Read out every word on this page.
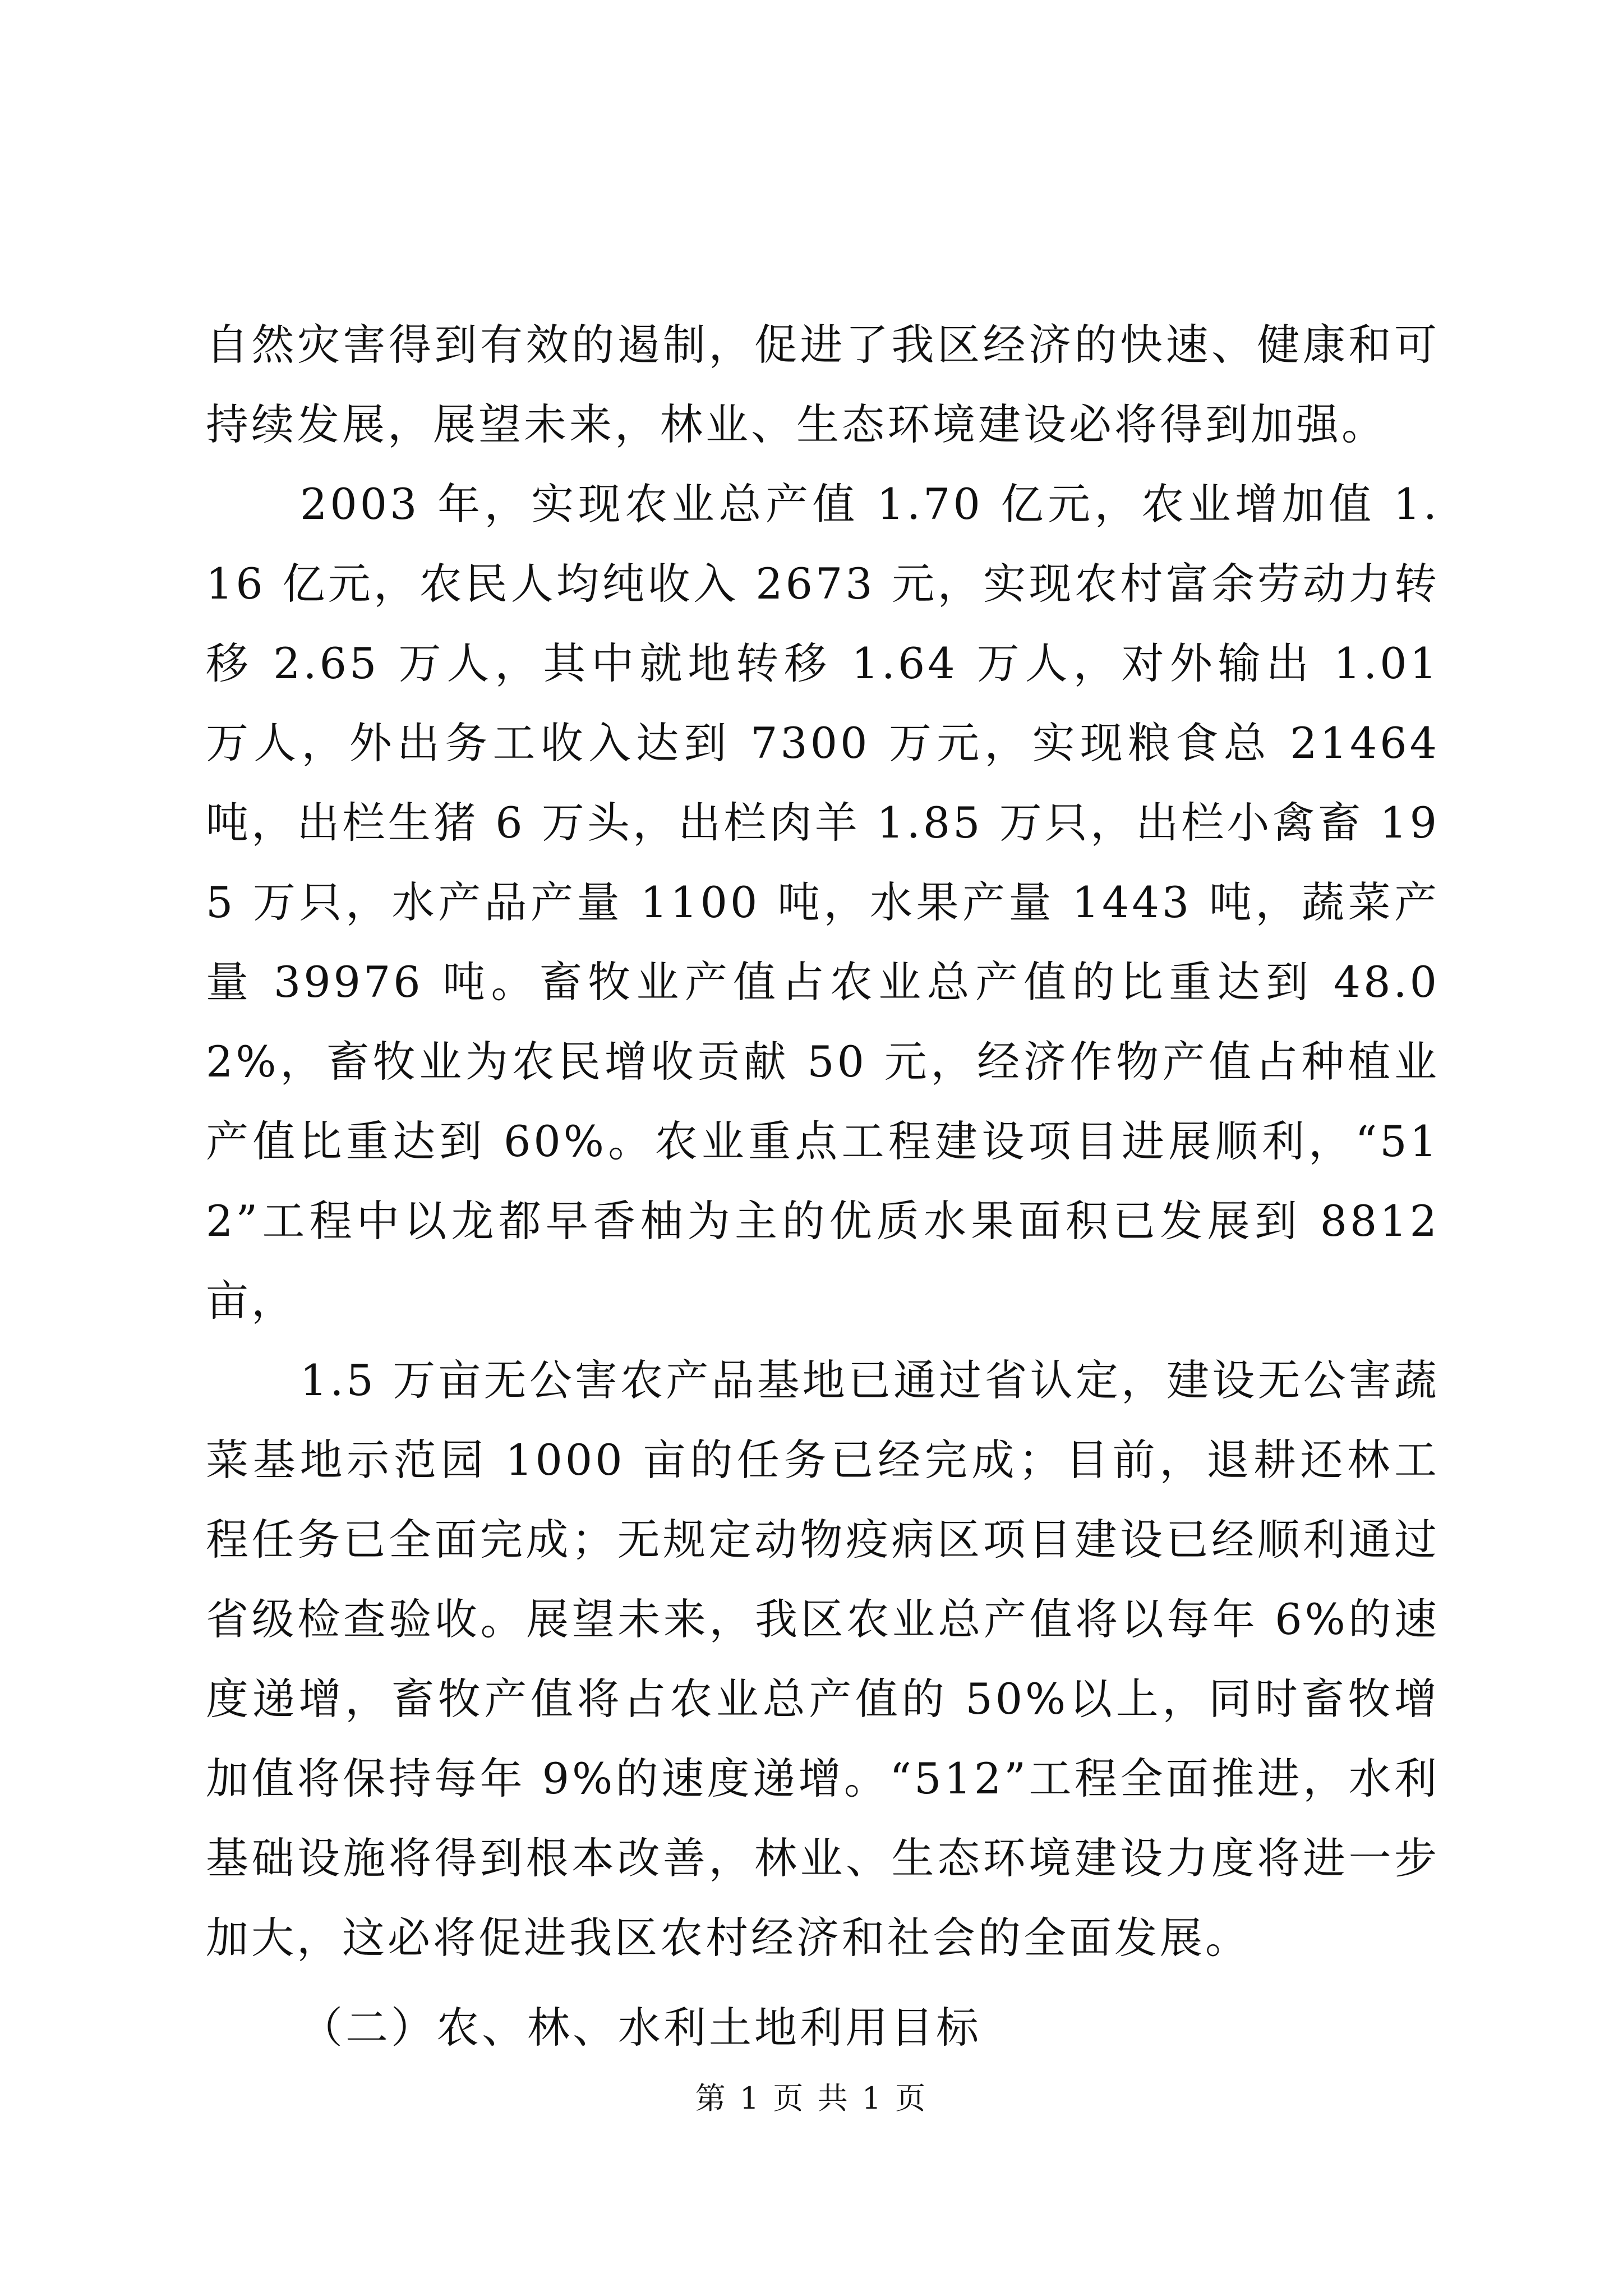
自然灾害得到有效的遏制，促进了我区经济的快速、健康和可持续发展，展望未来，林业、生态环境建设必将得到加强。

2003 年，实现农业总产值 1.70 亿元，农业增加值 1.16 亿元，农民人均纯收入 2673 元，实现农村富余劳动力转移 2.65 万人，其中就地转移 1.64 万人，对外输出 1.01 万人，外出务工收入达到 7300 万元，实现粮食总 21464 吨，出栏生猪 6 万头，出栏肉羊 1.85 万只，出栏小禽畜 195 万只，水产品产量 1100 吨，水果产量 1443 吨，蔬菜产量 39976 吨。畜牧业产值占农业总产值的比重达到 48.02%，畜牧业为农民增收贡献 50 元，经济作物产值占种植业产值比重达到 60%。农业重点工程建设项目进展顺利，“512”工程中以龙都早香柚为主的优质水果面积已发展到 8812 亩，

1.5 万亩无公害农产品基地已通过省认定，建设无公害蔬菜基地示范园 1000 亩的任务已经完成；目前，退耕还林工程任务已全面完成；无规定动物疫病区项目建设已经顺利通过省级检查验收。展望未来，我区农业总产值将以每年 6%的速度递增，畜牧产值将占农业总产值的 50%以上，同时畜牧增加值将保持每年 9%的速度递增。“512”工程全面推进，水利基础设施将得到根本改善，林业、生态环境建设力度将进一步加大，这必将促进我区农村经济和社会的全面发展。

（二）农、林、水利土地利用目标

第 1 页 共 1 页
